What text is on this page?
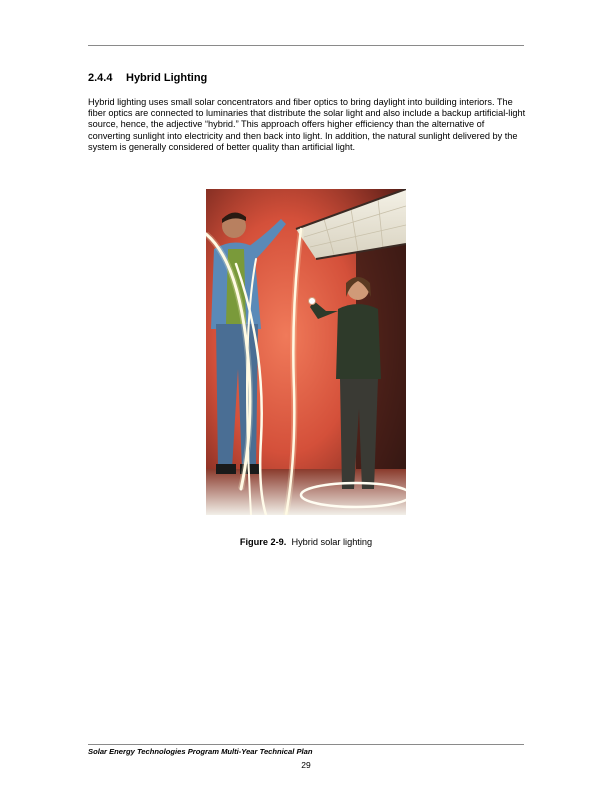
2.4.4 Hybrid Lighting
Hybrid lighting uses small solar concentrators and fiber optics to bring daylight into building interiors. The fiber optics are connected to luminaries that distribute the solar light and also include a backup artificial-light source, hence, the adjective “hybrid.” This approach offers higher efficiency than the alternative of converting sunlight into electricity and then back into light. In addition, the natural sunlight delivered by the system is generally considered of better quality than artificial light.
Figure 2-9. Hybrid solar lighting
Solar Energy Technologies Program Multi-Year Technical Plan
29
